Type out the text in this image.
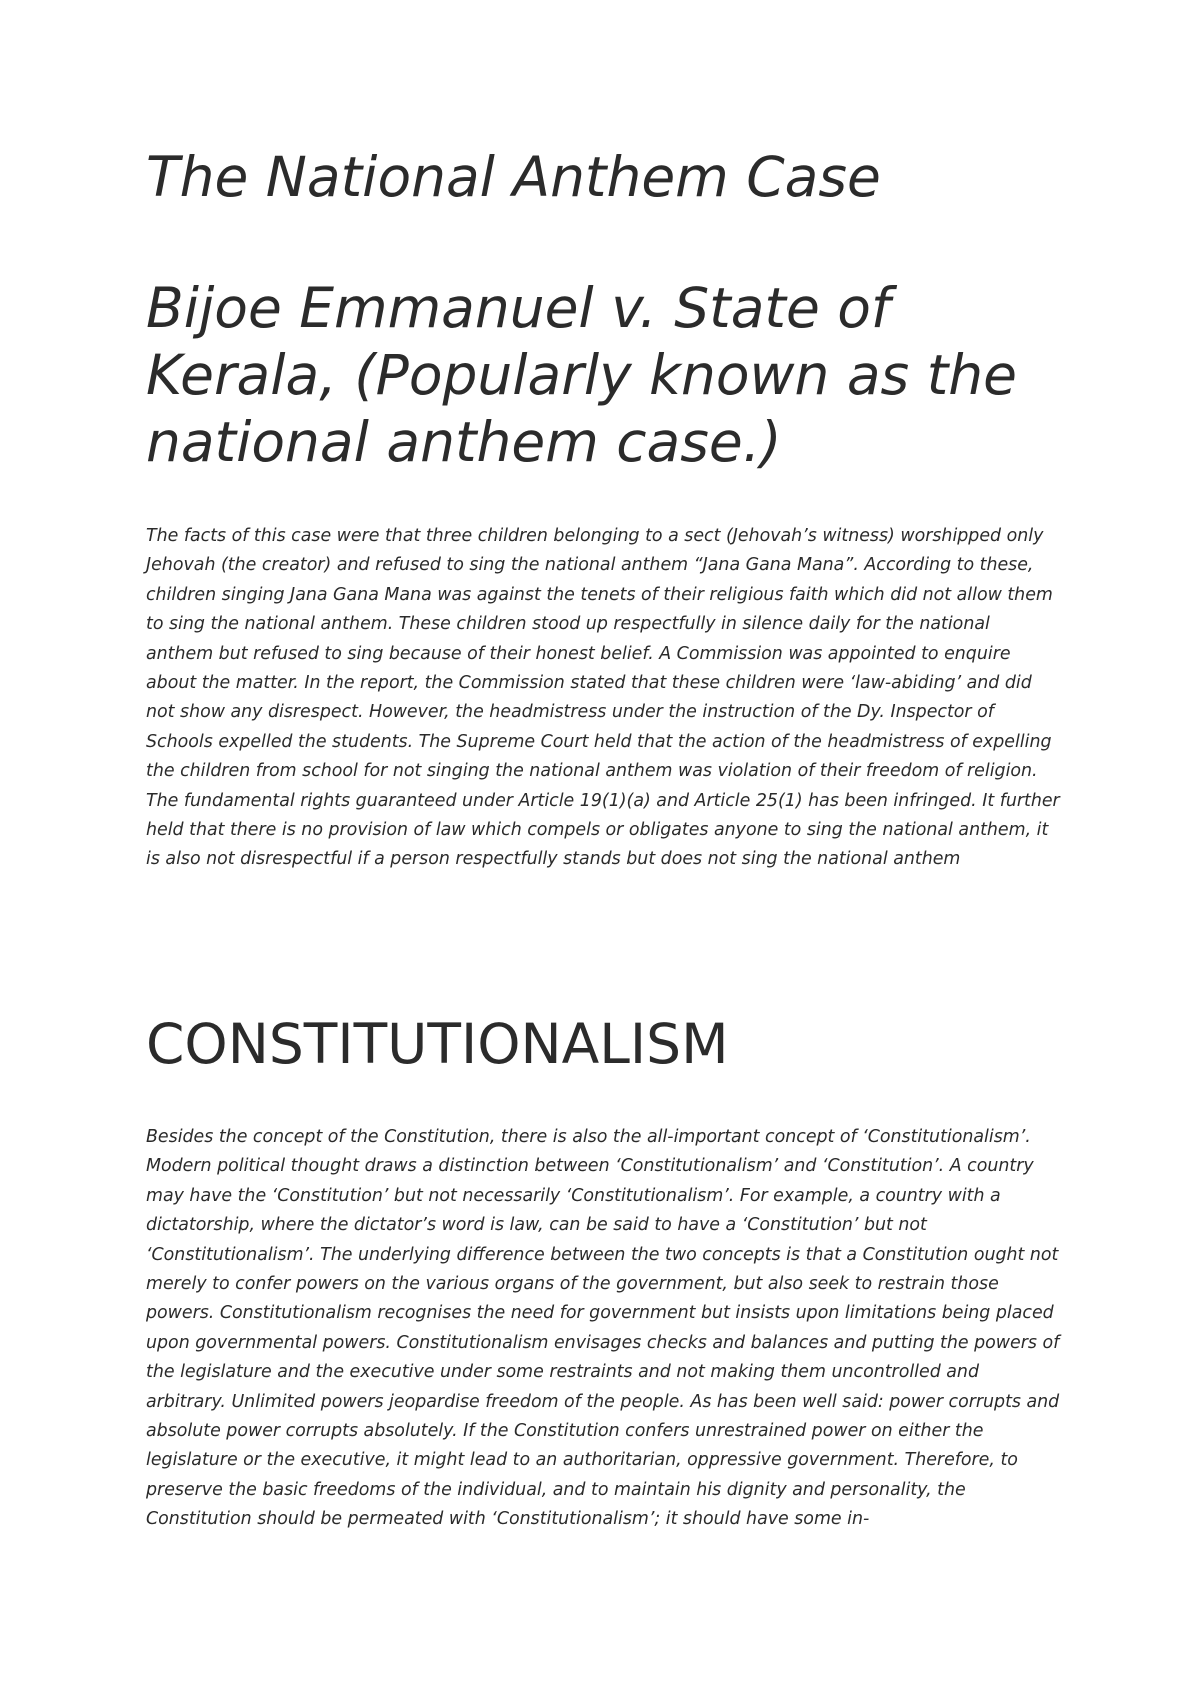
The National Anthem Case
Bijoe Emmanuel v. State of Kerala, (Popularly known as the national anthem case.)

The facts of this case were that three children belonging to a sect (Jehovah’s witness) worshipped only Jehovah (the creator) and refused to sing the national anthem “Jana Gana Mana”. According to these, children singing Jana Gana Mana was against the tenets of their religious faith which did not allow them to sing the national anthem. These children stood up respectfully in silence daily for the national anthem but refused to sing because of their honest belief. A Commission was appointed to enquire about the matter. In the report, the Commission stated that these children were ‘law-abiding’ and did not show any disrespect. However, the headmistress under the instruction of the Dy. Inspector of Schools expelled the students. The Supreme Court held that the action of the headmistress of expelling the children from school for not singing the national anthem was violation of their freedom of religion. The fundamental rights guaranteed under Article 19(1)(a) and Article 25(1) has been infringed. It further held that there is no provision of law which compels or obligates anyone to sing the national anthem, it is also not disrespectful if a person respectfully stands but does not sing the national anthem

CONSTITUTIONALISM

Besides the concept of the Constitution, there is also the all-important concept of ‘Constitutionalism’. Modern political thought draws a distinction between ‘Constitutionalism’ and ‘Constitution’. A country may have the ‘Constitution’ but not necessarily ‘Constitutionalism’. For example, a country with a dictatorship, where the dictator’s word is law, can be said to have a ‘Constitution’ but not ‘Constitutionalism’. The underlying difference between the two concepts is that a Constitution ought not merely to confer powers on the various organs of the government, but also seek to restrain those powers. Constitutionalism recognises the need for government but insists upon limitations being placed upon governmental powers. Constitutionalism envisages checks and balances and putting the powers of the legislature and the executive under some restraints and not making them uncontrolled and arbitrary. Unlimited powers jeopardise freedom of the people. As has been well said: power corrupts and absolute power corrupts absolutely. If the Constitution confers unrestrained power on either the legislature or the executive, it might lead to an authoritarian, oppressive government. Therefore, to preserve the basic freedoms of the individual, and to maintain his dignity and personality, the Constitution should be permeated with ‘Constitutionalism’; it should have some in-
